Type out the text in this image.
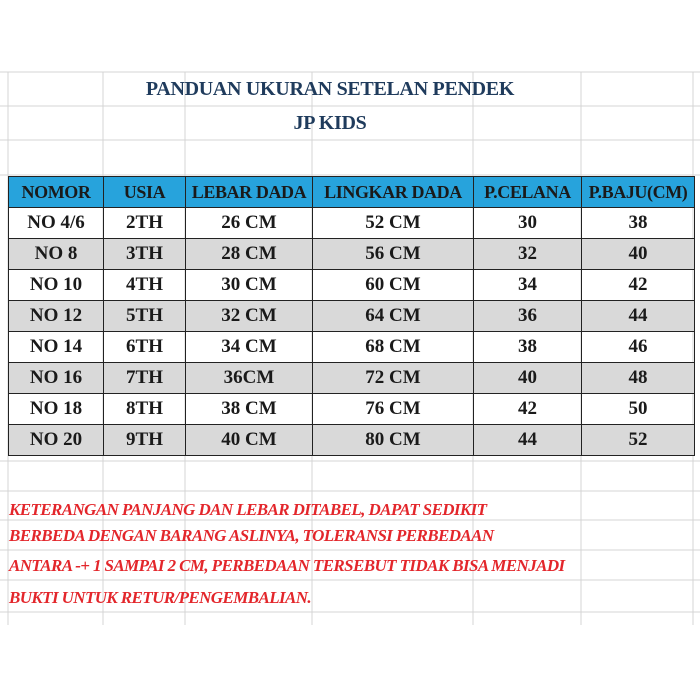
PANDUAN UKURAN SETELAN PENDEK
JP KIDS
NOMOR	USIA	LEBAR DADA	LINGKAR DADA	P.CELANA	P.BAJU(CM)
NO 4/6	2TH	26 CM	52 CM	30	38
NO 8	3TH	28 CM	56 CM	32	40
NO 10	4TH	30 CM	60 CM	34	42
NO 12	5TH	32 CM	64 CM	36	44
NO 14	6TH	34 CM	68 CM	38	46
NO 16	7TH	36CM	72 CM	40	48
NO 18	8TH	38 CM	76 CM	42	50
NO 20	9TH	40 CM	80 CM	44	52
KETERANGAN PANJANG DAN LEBAR DITABEL, DAPAT SEDIKIT
BERBEDA DENGAN BARANG ASLINYA, TOLERANSI PERBEDAAN
ANTARA -+ 1 SAMPAI 2 CM, PERBEDAAN TERSEBUT TIDAK BISA MENJADI
BUKTI UNTUK RETUR/PENGEMBALIAN.
